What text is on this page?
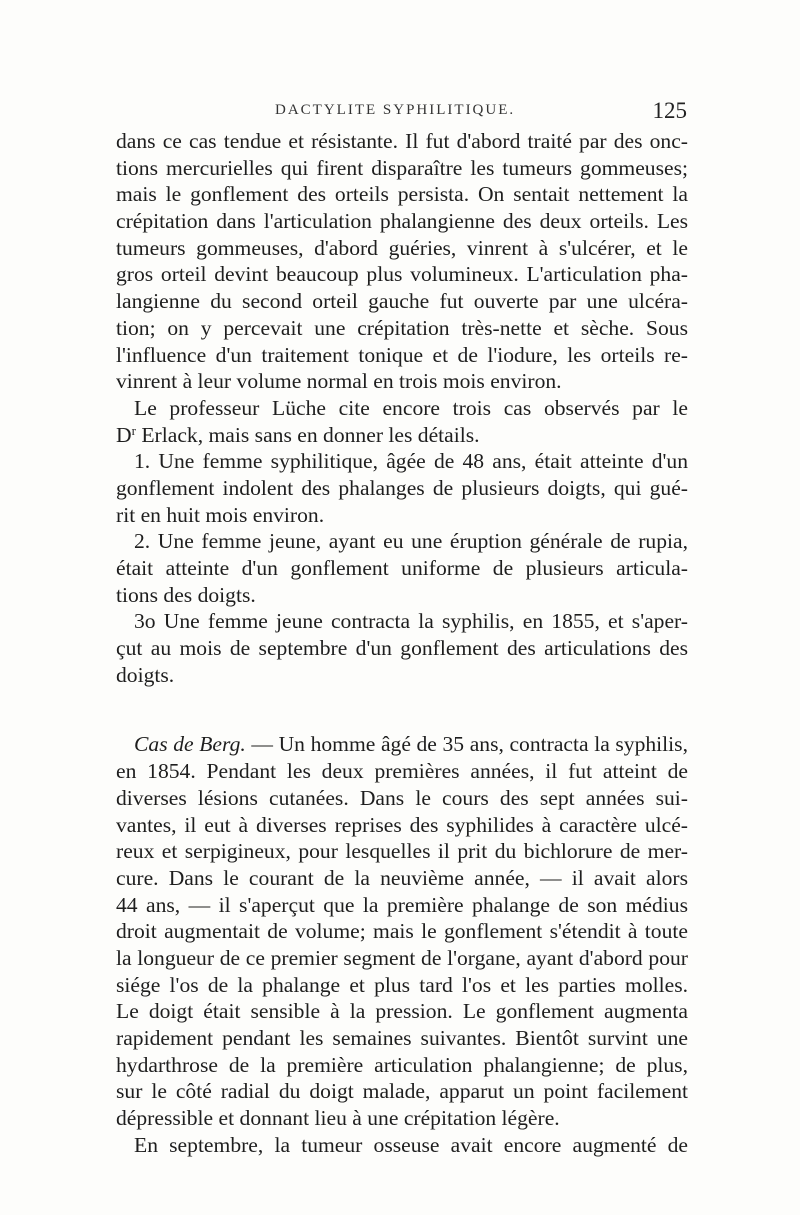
DACTYLITE SYPHILITIQUE.	125
dans ce cas tendue et résistante. Il fut d'abord traité par des onc-
tions mercurielles qui firent disparaître les tumeurs gommeuses;
mais le gonflement des orteils persista. On sentait nettement la
crépitation dans l'articulation phalangienne des deux orteils. Les
tumeurs gommeuses, d'abord guéries, vinrent à s'ulcérer, et le
gros orteil devint beaucoup plus volumineux. L'articulation pha-
langienne du second orteil gauche fut ouverte par une ulcéra-
tion; on y percevait une crépitation très-nette et sèche. Sous
l'influence d'un traitement tonique et de l'iodure, les orteils re-
vinrent à leur volume normal en trois mois environ.
Le professeur Lüche cite encore trois cas observés par le
$D^r$ Erlack, mais sans en donner les détails.
1. Une femme syphilitique, âgée de 48 ans, était atteinte d'un
gonflement indolent des phalanges de plusieurs doigts, qui gué-
rit en huit mois environ.
2. Une femme jeune, ayant eu une éruption générale de rupia,
était atteinte d'un gonflement uniforme de plusieurs articula-
tions des doigts.
3o Une femme jeune contracta la syphilis, en 1855, et s'aper-
çut au mois de septembre d'un gonflement des articulations des
doigts.
Cas de Berg. — Un homme âgé de 35 ans, contracta la syphilis,
en 1854. Pendant les deux premières années, il fut atteint de
diverses lésions cutanées. Dans le cours des sept années sui-
vantes, il eut à diverses reprises des syphilides à caractère ulcé-
reux et serpigineux, pour lesquelles il prit du bichlorure de mer-
cure. Dans le courant de la neuvième année, — il avait alors
44 ans, — il s'aperçut que la première phalange de son médius
droit augmentait de volume; mais le gonflement s'étendit à toute
la longueur de ce premier segment de l'organe, ayant d'abord pour
siége l'os de la phalange et plus tard l'os et les parties molles.
Le doigt était sensible à la pression. Le gonflement augmenta
rapidement pendant les semaines suivantes. Bientôt survint une
hydarthrose de la première articulation phalangienne; de plus,
sur le côté radial du doigt malade, apparut un point facilement
dépressible et donnant lieu à une crépitation légère.
En septembre, la tumeur osseuse avait encore augmenté de
